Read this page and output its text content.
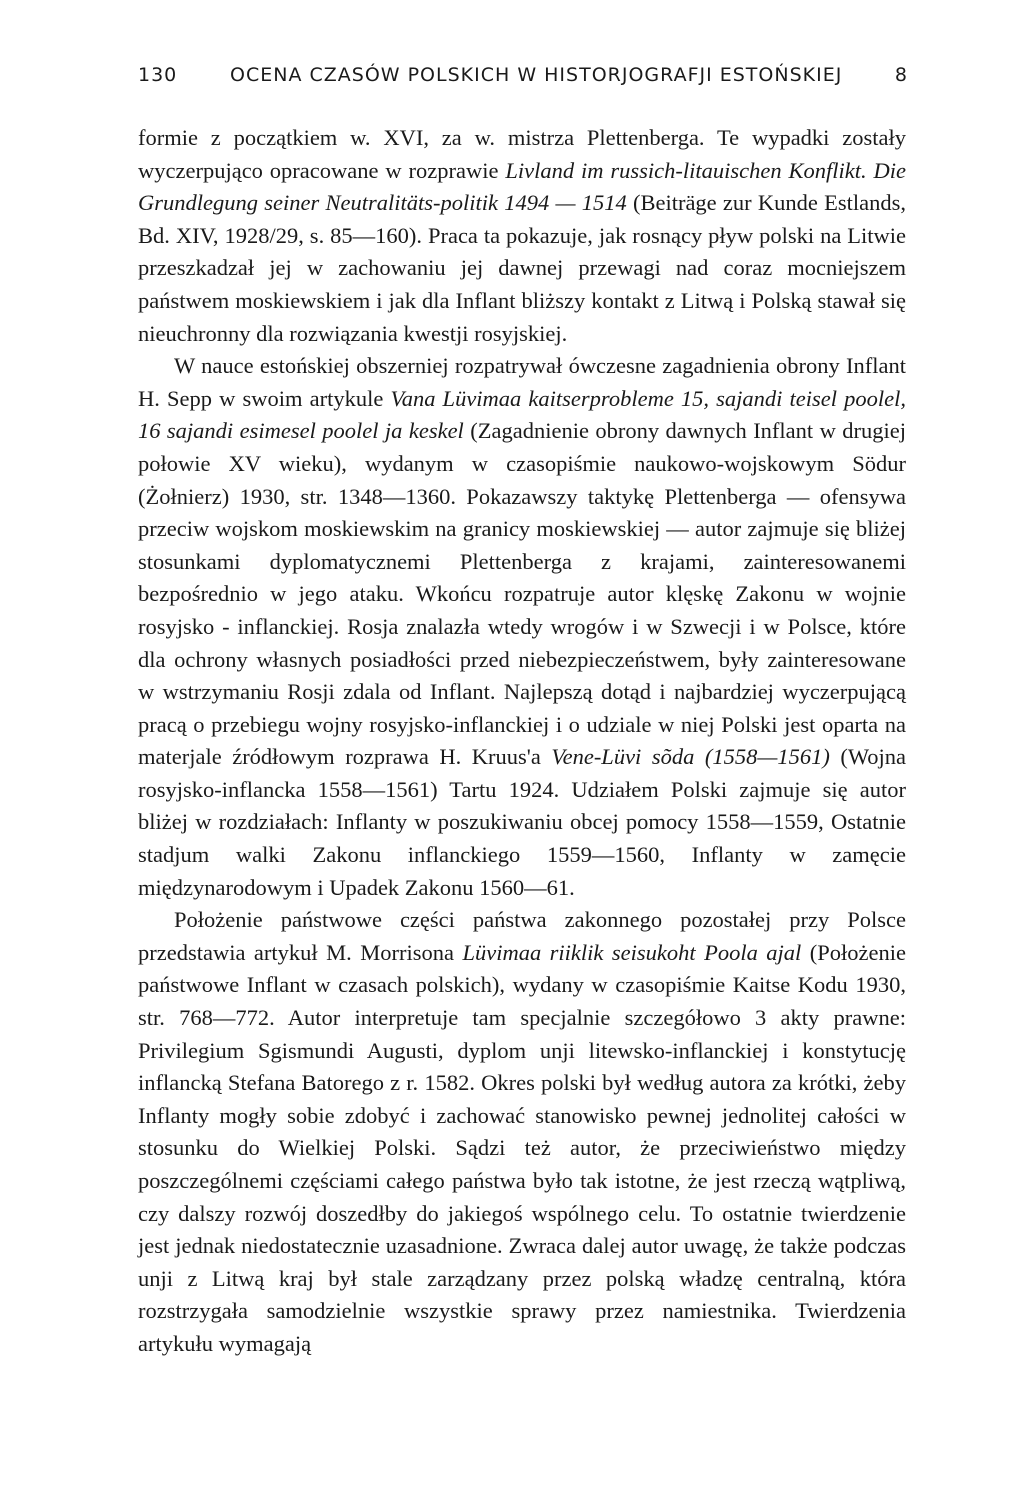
130	OCENA CZASÓW POLSKICH W HISTORJOGRAFJI ESTOŃSKIEJ	8

formie z początkiem w. XVI, za w. mistrza Plettenberga. Te wypadki zostały wyczerpująco opracowane w rozprawie Livland im russich-litauischen Konflikt. Die Grundlegung seiner Neutralitäts-politik 1494 — 1514 (Beiträge zur Kunde Estlands, Bd. XIV, 1928/29, s. 85—160). Praca ta pokazuje, jak rosnący pływ polski na Litwie przeszkadzał jej w zachowaniu jej dawnej przewagi nad coraz mocniejszem państwem moskiewskiem i jak dla Inflant bliższy kontakt z Litwą i Polską stawał się nieuchronny dla rozwiązania kwestji rosyjskiej.

W nauce estońskiej obszerniej rozpatrywał ówczesne zagadnienia obrony Inflant H. Sepp w swoim artykule Vana Lüvimaa kaitserprobleme 15, sajandi teisel poolel, 16 sajandi esimesel poolel ja keskel (Zagadnienie obrony dawnych Inflant w drugiej połowie XV wieku), wydanym w czasopiśmie naukowo-wojskowym Södur (Żołnierz) 1930, str. 1348—1360. Pokazawszy taktykę Plettenberga — ofensywa przeciw wojskom moskiewskim na granicy moskiewskiej — autor zajmuje się bliżej stosunkami dyplomatycznemi Plettenberga z krajami, zainteresowanemi bezpośrednio w jego ataku. Wkońcu rozpatruje autor klęskę Zakonu w wojnie rosyjsko - inflanckiej. Rosja znalazła wtedy wrogów i w Szwecji i w Polsce, które dla ochrony własnych posiadłości przed niebezpieczeństwem, były zainteresowane w wstrzymaniu Rosji zdala od Inflant. Najlepszą dotąd i najbardziej wyczerpującą pracą o przebiegu wojny rosyjsko-inflanckiej i o udziale w niej Polski jest oparta na materjale źródłowym rozprawa H. Kruus'a Vene-Lüvi sõda (1558—1561) (Wojna rosyjsko-inflancka 1558—1561) Tartu 1924. Udziałem Polski zajmuje się autor bliżej w rozdziałach: Inflanty w poszukiwaniu obcej pomocy 1558—1559, Ostatnie stadjum walki Zakonu inflanckiego 1559—1560, Inflanty w zamęcie międzynarodowym i Upadek Zakonu 1560—61.

Położenie państwowe części państwa zakonnego pozostałej przy Polsce przedstawia artykuł M. Morrisona Lüvimaa riiklik seisukoht Poola ajal (Położenie państwowe Inflant w czasach polskich), wydany w czasopiśmie Kaitse Kodu 1930, str. 768—772. Autor interpretuje tam specjalnie szczegółowo 3 akty prawne: Privilegium Sgismundi Augusti, dyplom unji litewsko-inflanckiej i konstytucję inflancką Stefana Batorego z r. 1582. Okres polski był według autora za krótki, żeby Inflanty mogły sobie zdobyć i zachować stanowisko pewnej jednolitej całości w stosunku do Wielkiej Polski. Sądzi też autor, że przeciwieństwo między poszczególnemi częściami całego państwa było tak istotne, że jest rzeczą wątpliwą, czy dalszy rozwój doszedłby do jakiegoś wspólnego celu. To ostatnie twierdzenie jest jednak niedostatecznie uzasadnione. Zwraca dalej autor uwagę, że także podczas unji z Litwą kraj był stale zarządzany przez polską władzę centralną, która rozstrzygała samodzielnie wszystkie sprawy przez namiestnika. Twierdzenia artykułu wymagają
